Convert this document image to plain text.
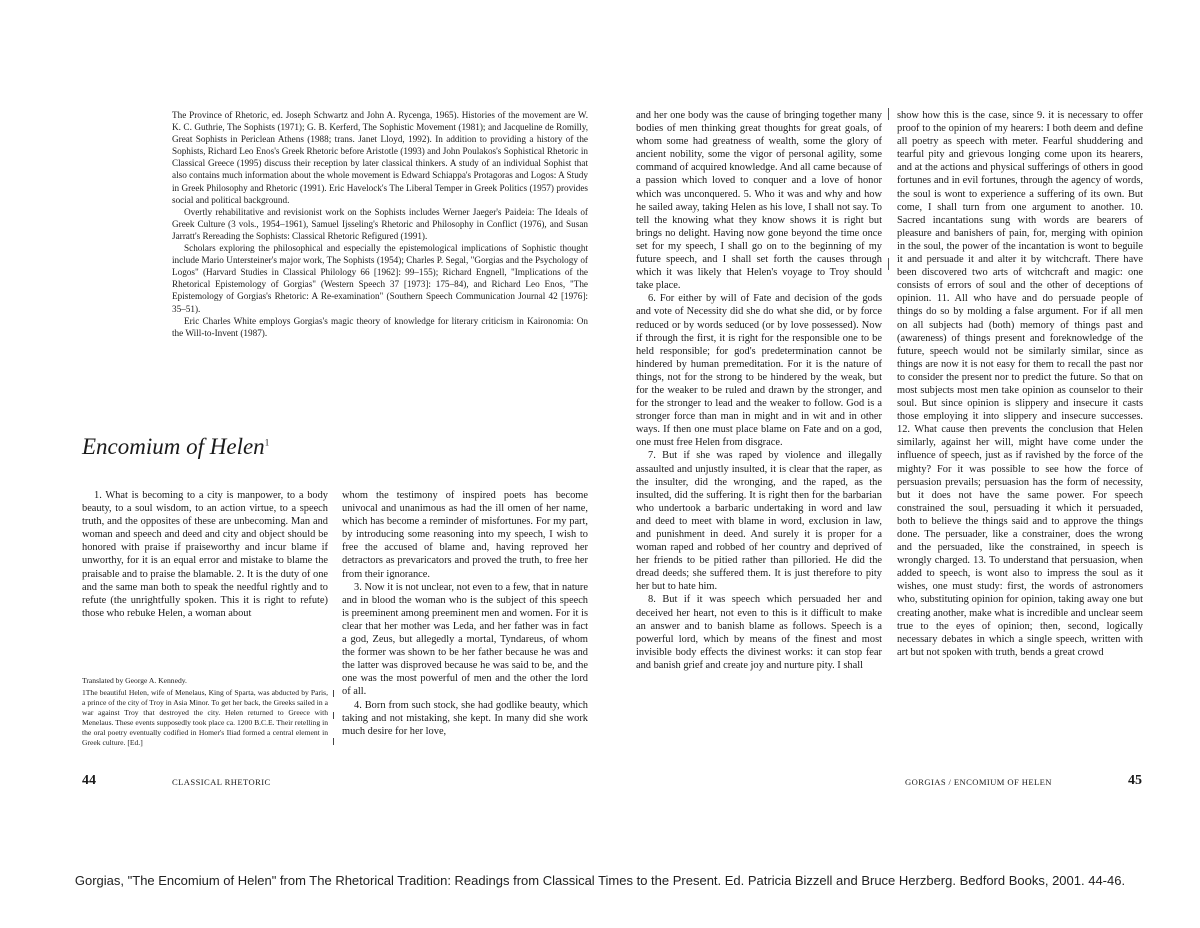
The Province of Rhetoric, ed. Joseph Schwartz and John A. Rycenga, 1965). Histories of the movement are W. K. C. Guthrie, The Sophists (1971); G. B. Kerferd, The Sophistic Movement (1981); and Jacqueline de Romilly, Great Sophists in Periclean Athens (1988; trans. Janet Lloyd, 1992). In addition to providing a history of the Sophists, Richard Leo Enos's Greek Rhetoric before Aristotle (1993) and John Poulakos's Sophistical Rhetoric in Classical Greece (1995) discuss their reception by later classical thinkers. A study of an individual Sophist that also contains much information about the whole movement is Edward Schiappa's Protagoras and Logos: A Study in Greek Philosophy and Rhetoric (1991). Eric Havelock's The Liberal Temper in Greek Politics (1957) provides social and political background.

Overtly rehabilitative and revisionist work on the Sophists includes Werner Jaeger's Paideia: The Ideals of Greek Culture (3 vols., 1954–1961), Samuel Ijsseling's Rhetoric and Philosophy in Conflict (1976), and Susan Jarratt's Rereading the Sophists: Classical Rhetoric Refigured (1991).

Scholars exploring the philosophical and especially the epistemological implications of Sophistic thought include Mario Untersteiner's major work, The Sophists (1954); Charles P. Segal, "Gorgias and the Psychology of Logos" (Harvard Studies in Classical Philology 66 [1962]: 99–155); Richard Engnell, "Implications of the Rhetorical Epistemology of Gorgias" (Western Speech 37 [1973]: 175–84), and Richard Leo Enos, "The Epistemology of Gorgias's Rhetoric: A Re-examination" (Southern Speech Communication Journal 42 [1976]: 35–51).

Eric Charles White employs Gorgias's magic theory of knowledge for literary criticism in Kaironomia: On the Will-to-Invent (1987).

Encomium of Helen$^1$

1. What is becoming to a city is manpower, to a body beauty, to a soul wisdom, to an action virtue, to a speech truth, and the opposites of these are unbecoming. Man and woman and speech and deed and city and object should be honored with praise if praiseworthy and incur blame if unworthy, for it is an equal error and mistake to blame the praisable and to praise the blamable. 2. It is the duty of one and the same man both to speak the needful rightly and to refute (the unrightfully spoken. This it is right to refute) those who rebuke Helen, a woman about

whom the testimony of inspired poets has become univocal and unanimous as had the ill omen of her name, which has become a reminder of misfortunes. For my part, by introducing some reasoning into my speech, I wish to free the accused of blame and, having reproved her detractors as prevaricators and proved the truth, to free her from their ignorance.

3. Now it is not unclear, not even to a few, that in nature and in blood the woman who is the subject of this speech is preeminent among preeminent men and women. For it is clear that her mother was Leda, and her father was in fact a god, Zeus, but allegedly a mortal, Tyndareus, of whom the former was shown to be her father because he was and the latter was disproved because he was said to be, and the one was the most powerful of men and the other the lord of all.

4. Born from such stock, she had godlike beauty, which taking and not mistaking, she kept. In many did she work much desire for her love,

Translated by George A. Kennedy.

1The beautiful Helen, wife of Menelaus, King of Sparta, was abducted by Paris, a prince of the city of Troy in Asia Minor. To get her back, the Greeks sailed in a war against Troy that destroyed the city. Helen returned to Greece with Menelaus. These events supposedly took place ca. 1200 B.C.E. Their retelling in the oral poetry eventually codified in Homer's Iliad formed a central element in Greek culture. [Ed.]

44	CLASSICAL RHETORIC

and her one body was the cause of bringing together many bodies of men thinking great thoughts for great goals, of whom some had greatness of wealth, some the glory of ancient nobility, some the vigor of personal agility, some command of acquired knowledge. And all came because of a passion which loved to conquer and a love of honor which was unconquered. 5. Who it was and why and how he sailed away, taking Helen as his love, I shall not say. To tell the knowing what they know shows it is right but brings no delight. Having now gone beyond the time once set for my speech, I shall go on to the beginning of my future speech, and I shall set forth the causes through which it was likely that Helen's voyage to Troy should take place.

6. For either by will of Fate and decision of the gods and vote of Necessity did she do what she did, or by force reduced or by words seduced (or by love possessed). Now if through the first, it is right for the responsible one to be held responsible; for god's predetermination cannot be hindered by human premeditation. For it is the nature of things, not for the strong to be hindered by the weak, but for the weaker to be ruled and drawn by the stronger, and for the stronger to lead and the weaker to follow. God is a stronger force than man in might and in wit and in other ways. If then one must place blame on Fate and on a god, one must free Helen from disgrace.

7. But if she was raped by violence and illegally assaulted and unjustly insulted, it is clear that the raper, as the insulter, did the wronging, and the raped, as the insulted, did the suffering. It is right then for the barbarian who undertook a barbaric undertaking in word and law and deed to meet with blame in word, exclusion in law, and punishment in deed. And surely it is proper for a woman raped and robbed of her country and deprived of her friends to be pitied rather than pilloried. He did the dread deeds; she suffered them. It is just therefore to pity her but to hate him.

8. But if it was speech which persuaded her and deceived her heart, not even to this is it difficult to make an answer and to banish blame as follows. Speech is a powerful lord, which by means of the finest and most invisible body effects the divinest works: it can stop fear and banish grief and create joy and nurture pity. I shall

show how this is the case, since 9. it is necessary to offer proof to the opinion of my hearers: I both deem and define all poetry as speech with meter. Fearful shuddering and tearful pity and grievous longing come upon its hearers, and at the actions and physical sufferings of others in good fortunes and in evil fortunes, through the agency of words, the soul is wont to experience a suffering of its own. But come, I shall turn from one argument to another. 10. Sacred incantations sung with words are bearers of pleasure and banishers of pain, for, merging with opinion in the soul, the power of the incantation is wont to beguile it and persuade it and alter it by witchcraft. There have been discovered two arts of witchcraft and magic: one consists of errors of soul and the other of deceptions of opinion. 11. All who have and do persuade people of things do so by molding a false argument. For if all men on all subjects had (both) memory of things past and (awareness) of things present and foreknowledge of the future, speech would not be similarly similar, since as things are now it is not easy for them to recall the past nor to consider the present nor to predict the future. So that on most subjects most men take opinion as counselor to their soul. But since opinion is slippery and insecure it casts those employing it into slippery and insecure successes. 12. What cause then prevents the conclusion that Helen similarly, against her will, might have come under the influence of speech, just as if ravished by the force of the mighty? For it was possible to see how the force of persuasion prevails; persuasion has the form of necessity, but it does not have the same power. For speech constrained the soul, persuading it which it persuaded, both to believe the things said and to approve the things done. The persuader, like a constrainer, does the wrong and the persuaded, like the constrained, in speech is wrongly charged. 13. To understand that persuasion, when added to speech, is wont also to impress the soul as it wishes, one must study: first, the words of astronomers who, substituting opinion for opinion, taking away one but creating another, make what is incredible and unclear seem true to the eyes of opinion; then, second, logically necessary debates in which a single speech, written with art but not spoken with truth, bends a great crowd

GORGIAS / ENCOMIUM OF HELEN	45
Gorgias, "The Encomium of Helen" from The Rhetorical Tradition: Readings from Classical Times to the Present. Ed. Patricia Bizzell and Bruce Herzberg. Bedford Books, 2001. 44-46.
